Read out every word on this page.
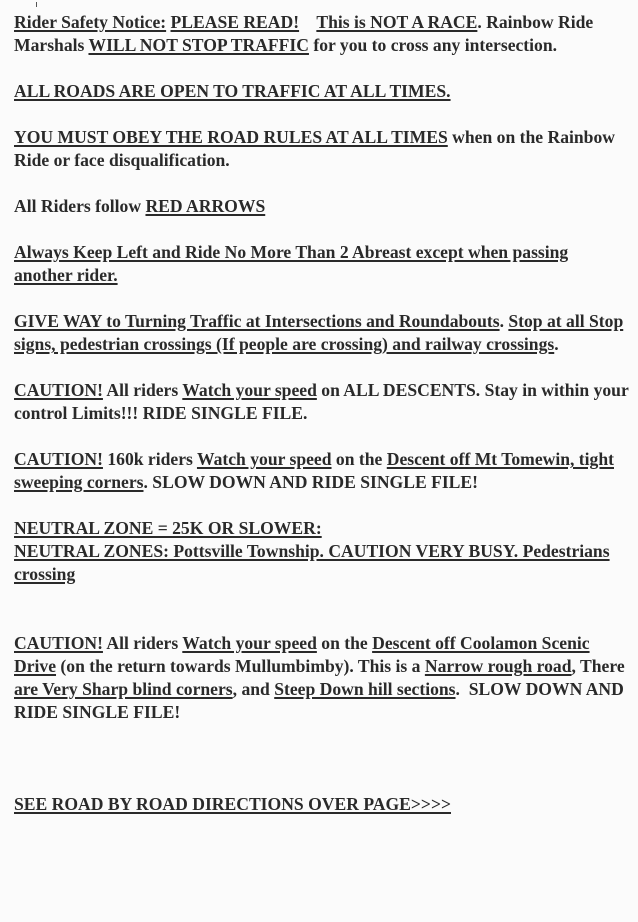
Rider Safety Notice: PLEASE READ! This is NOT A RACE. Rainbow Ride Marshals WILL NOT STOP TRAFFIC for you to cross any intersection.

ALL ROADS ARE OPEN TO TRAFFIC AT ALL TIMES.

YOU MUST OBEY THE ROAD RULES AT ALL TIMES when on the Rainbow Ride or face disqualification.

All Riders follow RED ARROWS

Always Keep Left and Ride No More Than 2 Abreast except when passing another rider.

GIVE WAY to Turning Traffic at Intersections and Roundabouts. Stop at all Stop signs, pedestrian crossings (If people are crossing) and railway crossings.

CAUTION! All riders Watch your speed on ALL DESCENTS. Stay in within your control Limits!!! RIDE SINGLE FILE.

CAUTION! 160k riders Watch your speed on the Descent off Mt Tomewin, tight sweeping corners. SLOW DOWN AND RIDE SINGLE FILE!

NEUTRAL ZONE = 25K OR SLOWER:
NEUTRAL ZONES: Pottsville Township. CAUTION VERY BUSY. Pedestrians crossing

CAUTION! All riders Watch your speed on the Descent off Coolamon Scenic Drive (on the return towards Mullumbimby). This is a Narrow rough road, There are Very Sharp blind corners, and Steep Down hill sections.  SLOW DOWN AND RIDE SINGLE FILE!

SEE ROAD BY ROAD DIRECTIONS OVER PAGE>>>>
